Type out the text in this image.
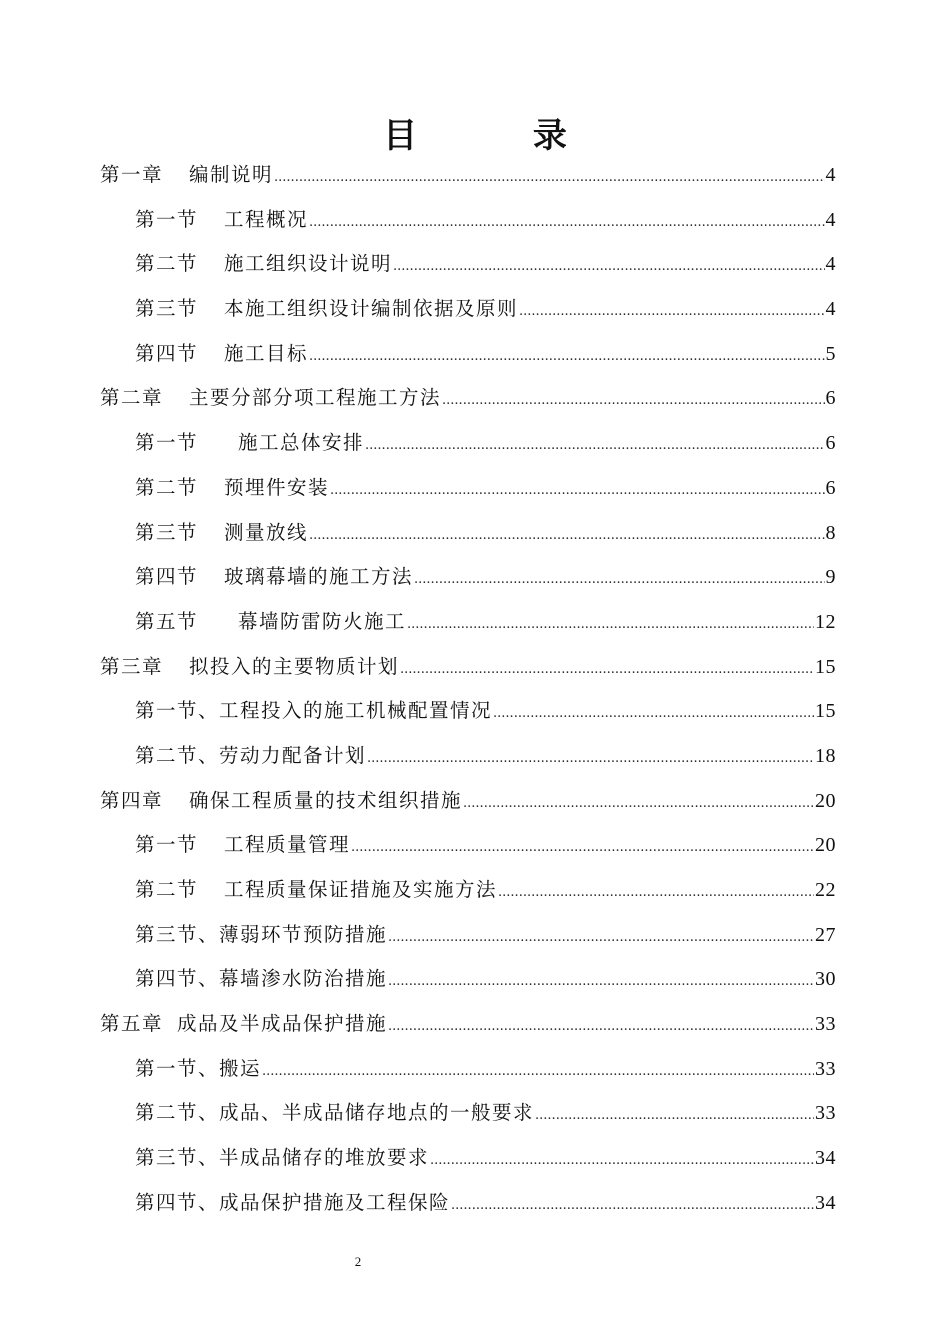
目 录
第一章 编制说明 .....	4
第一节 工程概况 .....	4
第二节 施工组织设计说明 .....	4
第三节 本施工组织设计编制依据及原则 .....	4
第四节 施工目标 .....	5
第二章 主要分部分项工程施工方法 .....	6
第一节 施工总体安排 .....	6
第二节 预埋件安装 .....	6
第三节 测量放线 .....	8
第四节 玻璃幕墙的施工方法 .....	9
第五节 幕墙防雷防火施工 .....	12
第三章 拟投入的主要物质计划 .....	15
第一节、工程投入的施工机械配置情况 .....	15
第二节、劳动力配备计划 .....	18
第四章 确保工程质量的技术组织措施 .....	20
第一节 工程质量管理 .....	20
第二节 工程质量保证措施及实施方法 .....	22
第三节、薄弱环节预防措施 .....	27
第四节、幕墙渗水防治措施 .....	30
第五章 成品及半成品保护措施 .....	33
第一节、搬运 .....	33
第二节、成品、半成品储存地点的一般要求 .....	33
第三节、半成品储存的堆放要求 .....	34
第四节、成品保护措施及工程保险 .....	34
2
